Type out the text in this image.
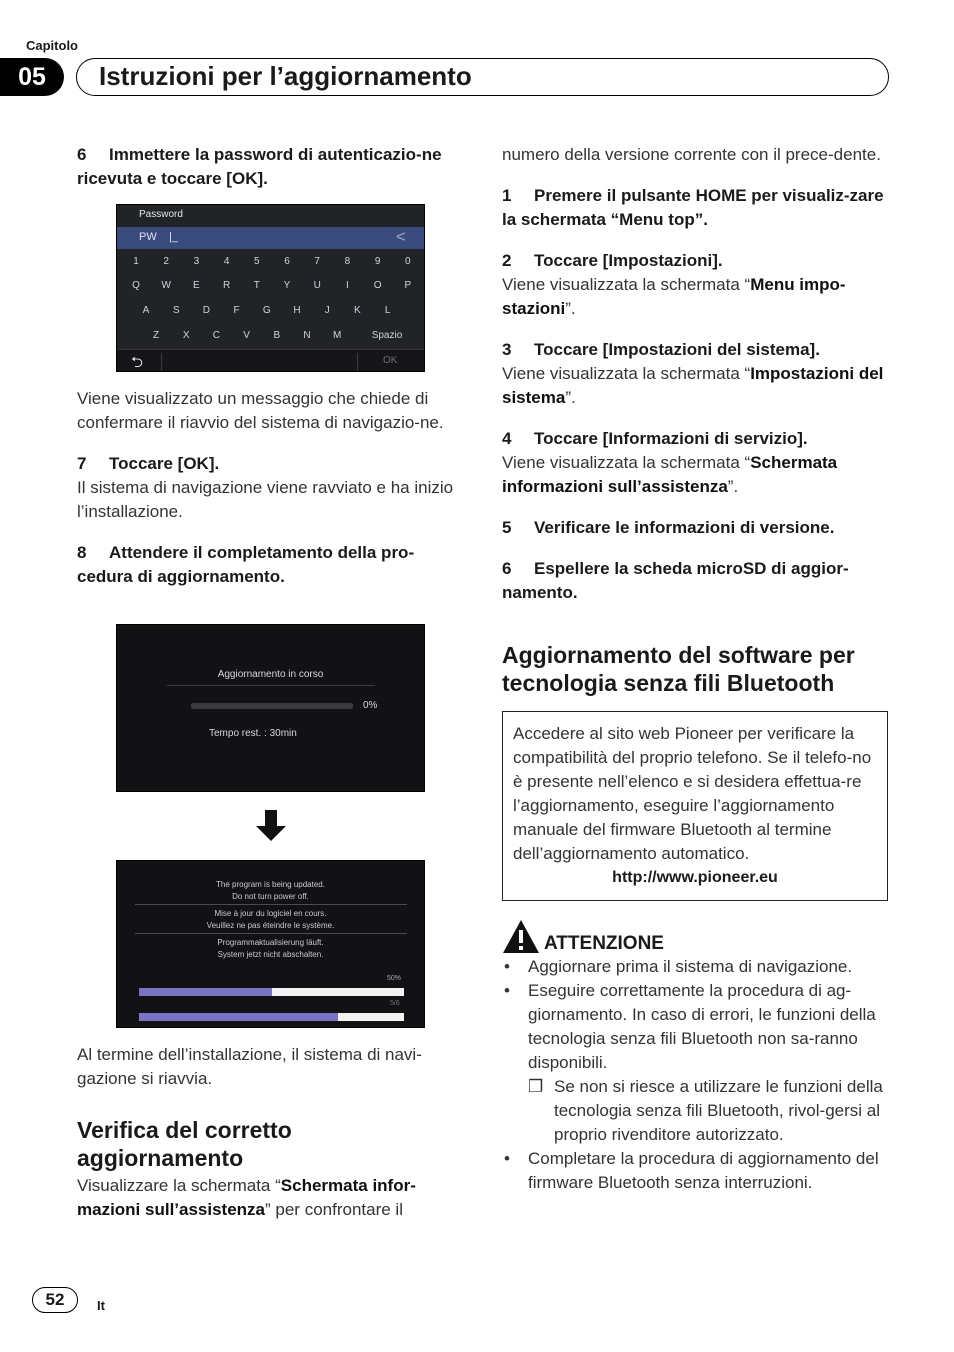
Capitolo
05	Istruzioni per l’aggiornamento
6 Immettere la password di autenticazio-ne ricevuta e toccare [OK].
Password
PW |_	<
1	2	3	4	5	6	7	8	9	0
Q	W	E	R	T	Y	U	I	O	P
A	S	D	F	G	H	J	K	L
Z	X	C	V	B	N	M	Spazio
⮌	OK
Viene visualizzato un messaggio che chiede di confermare il riavvio del sistema di navigazio-ne.
7 Toccare [OK].
Il sistema di navigazione viene ravviato e ha inizio l’installazione.
8 Attendere il completamento della pro-cedura di aggiornamento.
Aggiornamento in corso
0%
Tempo rest. : 30min
The program is being updated.
Do not turn power off.
Mise à jour du logiciel en cours.
Veuillez ne pas éteindre le système.
Programmaktualisierung läuft.
System jetzt nicht abschalten.
50%
5/6
Al termine dell’installazione, il sistema di navi-gazione si riavvia.
Verifica del corretto aggiornamento
Visualizzare la schermata “Schermata infor-mazioni sull’assistenza” per confrontare il
numero della versione corrente con il prece-dente.
1 Premere il pulsante HOME per visualiz-zare la schermata “Menu top”.
2 Toccare [Impostazioni].
Viene visualizzata la schermata “Menu impo-stazioni”.
3 Toccare [Impostazioni del sistema].
Viene visualizzata la schermata “Impostazioni del sistema”.
4 Toccare [Informazioni di servizio].
Viene visualizzata la schermata “Schermata informazioni sull’assistenza”.
5 Verificare le informazioni di versione.
6 Espellere la scheda microSD di aggior-namento.
Aggiornamento del software per tecnologia senza fili Bluetooth
Accedere al sito web Pioneer per verificare la compatibilità del proprio telefono. Se il telefo-no è presente nell’elenco e si desidera effettua-re l’aggiornamento, eseguire l’aggiornamento manuale del firmware Bluetooth al termine dell’aggiornamento automatico.
http://www.pioneer.eu
ATTENZIONE
• Aggiornare prima il sistema di navigazione.
• Eseguire correttamente la procedura di ag-giornamento. In caso di errori, le funzioni della tecnologia senza fili Bluetooth non sa-ranno disponibili.
❒ Se non si riesce a utilizzare le funzioni della tecnologia senza fili Bluetooth, rivol-gersi al proprio rivenditore autorizzato.
• Completare la procedura di aggiornamento del firmware Bluetooth senza interruzioni.
52	It
